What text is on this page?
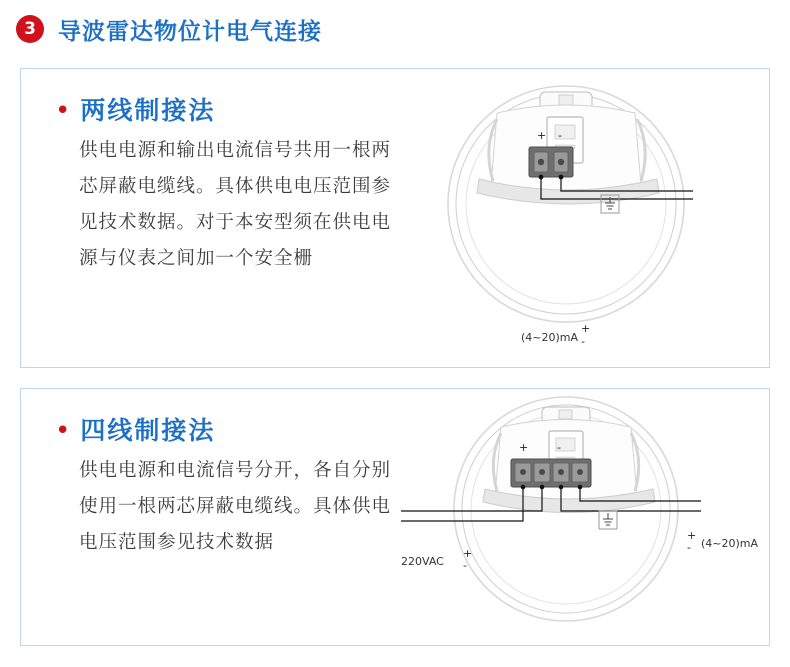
3 导波雷达物位计电气连接
• 两线制接法
供电电源和输出电流信号共用一根两芯屏蔽电缆线。具体供电电压范围参见技术数据。对于本安型须在供电电源与仪表之间加一个安全栅
(4~20)mA
+
-
+ -
• 四线制接法
供电电源和电流信号分开，各自分别使用一根两芯屏蔽电缆线。具体供电电压范围参见技术数据
+	-
220VAC
+
-
(4~20)mA
+
-
